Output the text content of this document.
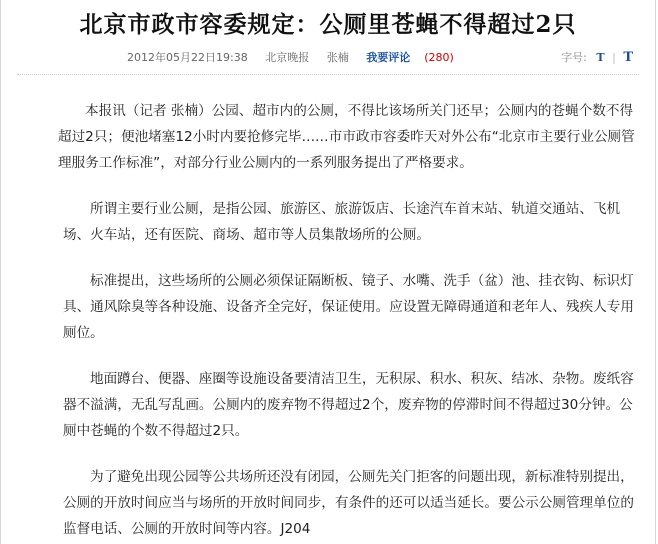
北京市政市容委规定：公厕里苍蝇不得超过2只
2012年05月22日19:38 北京晚报 张楠 我要评论 (280)	字号: T | T

本报讯（记者 张楠）公园、超市内的公厕，不得比该场所关门还早；公厕内的苍蝇个数不得超过2只；便池堵塞12小时内要抢修完毕……市市政市容委昨天对外公布“北京市主要行业公厕管理服务工作标准”，对部分行业公厕内的一系列服务提出了严格要求。

所谓主要行业公厕，是指公园、旅游区、旅游饭店、长途汽车首末站、轨道交通站、飞机场、火车站，还有医院、商场、超市等人员集散场所的公厕。

标准提出，这些场所的公厕必须保证隔断板、镜子、水嘴、洗手（盆）池、挂衣钩、标识灯具、通风除臭等各种设施、设备齐全完好，保证使用。应设置无障碍通道和老年人、残疾人专用厕位。

地面蹲台、便器、座圈等设施设备要清洁卫生，无积尿、积水、积灰、结冰、杂物。废纸容器不溢满，无乱写乱画。公厕内的废弃物不得超过2个，废弃物的停滞时间不得超过30分钟。公厕中苍蝇的个数不得超过2只。

为了避免出现公园等公共场所还没有闭园，公厕先关门拒客的问题出现，新标准特别提出，公厕的开放时间应当与场所的开放时间同步，有条件的还可以适当延长。要公示公厕管理单位的监督电话、公厕的开放时间等内容。J204
